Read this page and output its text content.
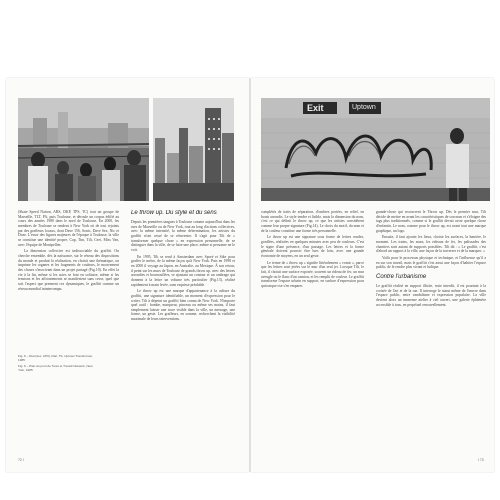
Exit	Uptown
Fig. 6 – Dial (doc. APII), Dial, TS, Uptown Transformer, 1985
Fig. 6 – Plan du pont de Tuiss et Transit Network, New York, 1985

(Skate Speed Nation, ABS, DKP, TPS, TC) tout un groupe de Marseille, TLT, PA, puis Toulouse, et déroule un corpus édifié au cours des années 1980 dans le nord de Toulouse. En 2000, les membres de Toulouse se rendent à New York où de tout rejoints par des graffeurs locaux, dont Dave 156, Sonic, Dave Sex, Nic et Doze. L'essor des figures majeures de l'époque à Toulouse, la ville se constitue une identité propre, Cap, Tim, Tilt, Ceet, Miss Van, avec l'équipe de Montpellier.

La dimension collective est indissociable du graffiti. On cherche ensemble, dès la naissance, sur le réseau des dispositions du monde et produit la réalisation, en choisit une thématique, on imprime les organes et les fragments de couleurs, le mouvement des choses s'inscrivant dans un projet partagé (Fig.10). En effet la vie à la fin, même si les actes se font en solitaire, même si les tensions et les affrontements se manifestent sans cesse, quel que soit l'aspect que prennent ces dynamiques, le graffiti comme un réseau mondial ininterrompu.

Le throw up. Du style et du sens

Depuis les premières tangues à Toulouse comme aujourd'hui dans les rues de Marseille ou de New York, tout au long d'actions collectives, avec la même intensité, la même détermination, les artistes du graffiti n'ont cessé de se réinventer. Il s'agit pour Tilt de « transformer quelque chose » en expression personnelle, de se distinguer dans la ville, de se faire une place, même si personne ne le voit.

En 1995, Tilt se rend à Amsterdam avec Sporé et Sike pour graffer le métro, de la même façon qu'à New York. Puis en 1998 et en 2000 il voyage au Japon, en Australie, au Mexique. À son retour, il peint sur les murs de Toulouse de grands throw up, avec des lettres arrondies et boursouflées, se ajoutant un contour et un ombrage qui donnent à la lettre un volume très particulier (Fig.13), réalisé rapidement à main levée, sans esquisse préalable.

Le throw up est une marque d'appartenance à la culture du graffiti, une signature identifiable, un moment d'expression pour le writer. Tilt à dépeint un graffiti bien connu de New York. N'importe quel outil : bombe, marqueur, pinceau ou même ses mains, il faut simplement laisser une trace visible dans la ville, un message, une forme, un geste. Les graffeurs, en somme, recherchent la visibilité maximale de leurs interventions.

complétés de traits de séparation, d'ombres portées, en relief, en bouts arrondis. Le style tendre et lisible, mais la dimension du nom, c'est ce qui définit le throw up, ce que les artistes considèrent comme leur propre signature (Fig.14). Le choix du motif, du nom et de la couleur constitue une forme très personnelle.

Le throw up est une signature sous forme de lettres rondes, gonflées, réalisées en quelques minutes avec peu de couleurs. C'est le signe d'une présence, d'un passage. Les lettres et la forme générale doivent pouvoir être lues de loin, avec une grande économie de moyens, en un seul geste.

Le terme de « throw up » signifie littéralement « vomir », parce que les lettres sont jetées sur le mur d'un seul jet. Lorsque Tilt, le fait, il choisit une surface exposée, souvent un rideau de fer, un mur aveugle ou le flanc d'un camion, et les remplit de couleur. Le graffiti transforme l'espace urbain en support, en surface d'expression pour quiconque ose s'en emparer.

grande-chose qui recouvrent le Throw up. Dès le premier mur, Tilt décide de mettre en avant les caractéristiques de son nom et s'éloigne des tags plus traditionnels, comme si le graffiti devait avoir quelque chose d'enfantin. Le nom, comme pour le throw up, est avant tout une marque graphique, un logo.

Ensuite, il faut ajouter les lieux, choisir les surfaces, la lumière, le moment. Les trains, les murs, les rideaux de fer, les palissades des chantiers sont autant de supports possibles. Tilt dit : « Le graffiti, c'est d'abord un rapport à la ville, une façon de la traverser et de la marquer. »

Voilà pour le processus physique et technique, et l'influence qu'il a eu sur son travail, mais le graffiti c'est aussi une façon d'habiter l'espace public, de le rendre plus vivant et ludique.

Contre l'urbanisme

Le graffiti réalisé en support illicite, reste interdit, il est pourtant à la croisée de l'art et de la rue. Il interroge le statut même de l'œuvre dans l'espace public, entre vandalisme et expression populaire. La ville devient alors un immense atelier à ciel ouvert, une galerie éphémère accessible à tous, en perpétuel renouvellement.

72 I	I 73
